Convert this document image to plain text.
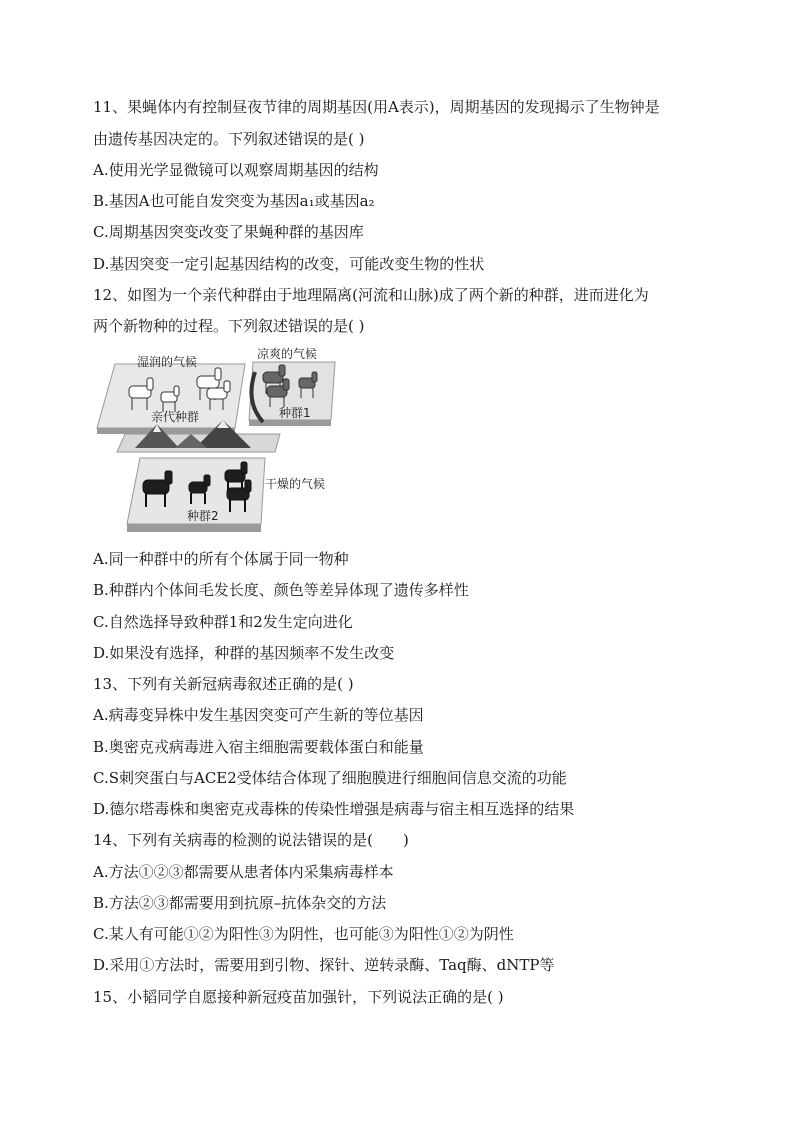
11、果蝇体内有控制昼夜节律的周期基因(用A表示)，周期基因的发现揭示了生物钟是
由遗传基因决定的。下列叙述错误的是( )
A.使用光学显微镜可以观察周期基因的结构
B.基因A也可能自发突变为基因a₁或基因a₂
C.周期基因突变改变了果蝇种群的基因库
D.基因突变一定引起基因结构的改变，可能改变生物的性状
12、如图为一个亲代种群由于地理隔离(河流和山脉)成了两个新的种群，进而进化为
两个新物种的过程。下列叙述错误的是( )
湿润的气候
凉爽的气候
亲代种群	种群1
干燥的气候
种群2
A.同一种群中的所有个体属于同一物种
B.种群内个体间毛发长度、颜色等差异体现了遗传多样性
C.自然选择导致种群1和2发生定向进化
D.如果没有选择，种群的基因频率不发生改变
13、下列有关新冠病毒叙述正确的是( )
A.病毒变异株中发生基因突变可产生新的等位基因
B.奥密克戎病毒进入宿主细胞需要载体蛋白和能量
C.S刺突蛋白与ACE2受体结合体现了细胞膜进行细胞间信息交流的功能
D.德尔塔毒株和奥密克戎毒株的传染性增强是病毒与宿主相互选择的结果
14、下列有关病毒的检测的说法错误的是(　　)
A.方法①②③都需要从患者体内采集病毒样本
B.方法②③都需要用到抗原–抗体杂交的方法
C.某人有可能①②为阳性③为阴性，也可能③为阳性①②为阴性
D.采用①方法时，需要用到引物、探针、逆转录酶、Taq酶、dNTP等
15、小韬同学自愿接种新冠疫苗加强针，下列说法正确的是( )
